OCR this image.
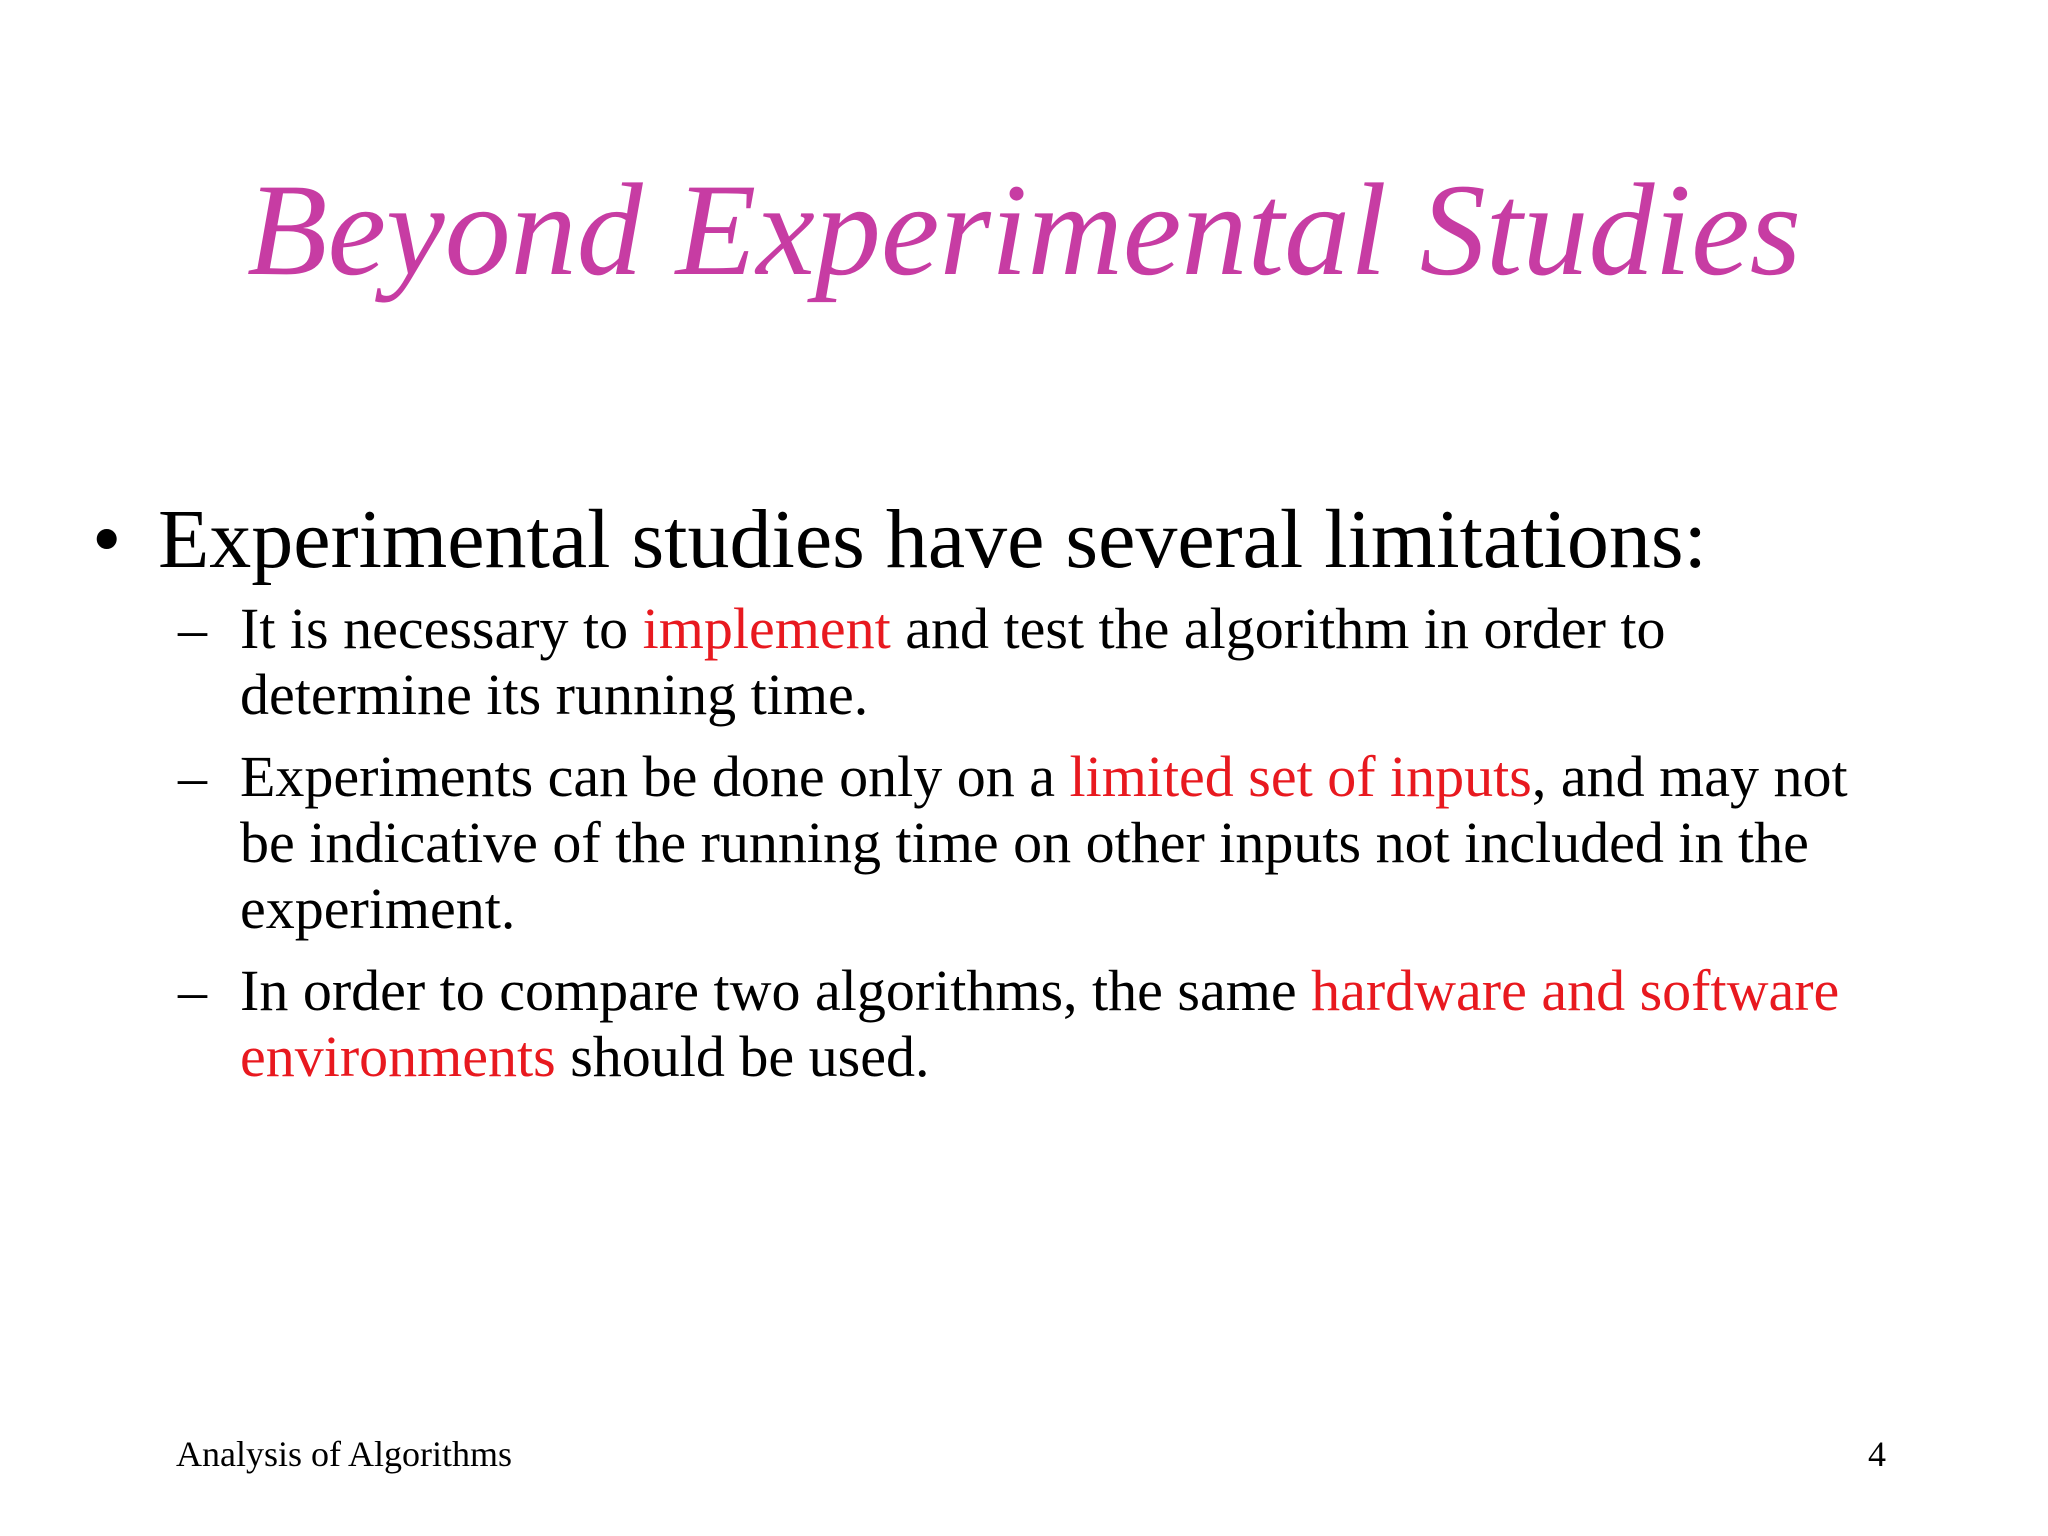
Beyond Experimental Studies
• Experimental studies have several limitations:
– It is necessary to implement and test the algorithm in order to
determine its running time.
– Experiments can be done only on a limited set of inputs, and may not
be indicative of the running time on other inputs not included in the
experiment.
– In order to compare two algorithms, the same hardware and software
environments should be used.
Analysis of Algorithms	4
